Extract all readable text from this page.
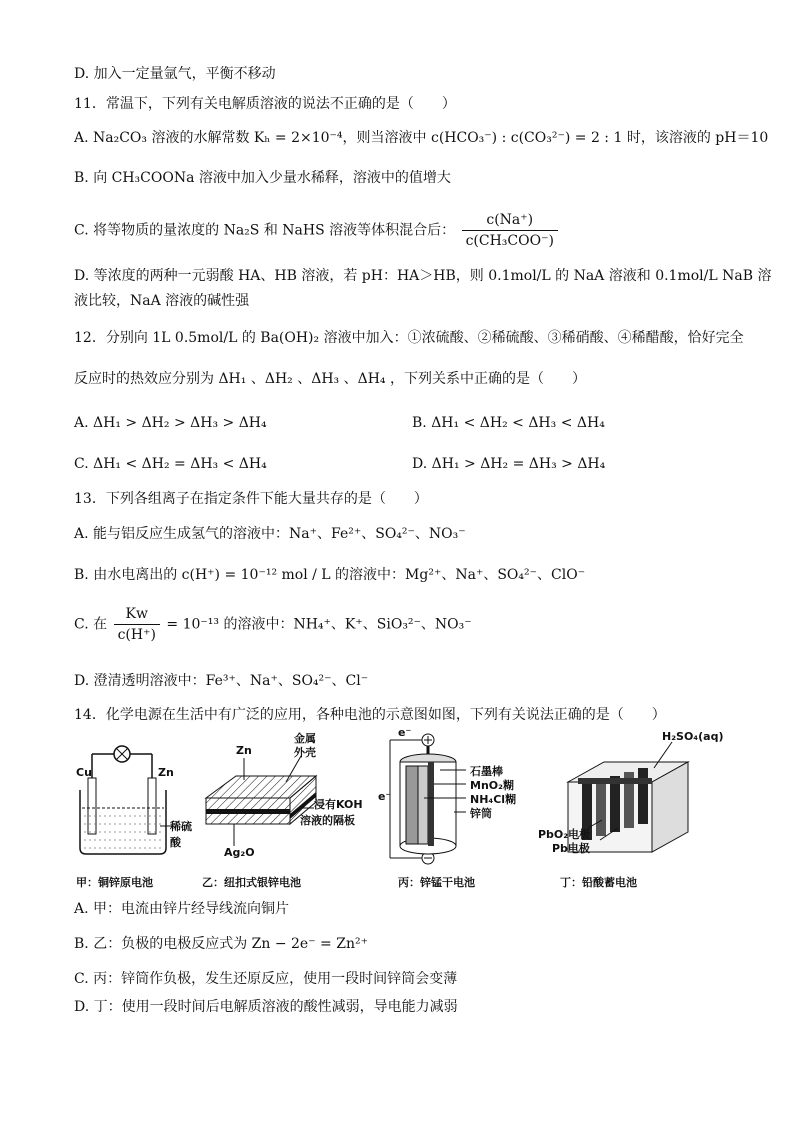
D. 加入一定量氩气，平衡不移动
11．常温下，下列有关电解质溶液的说法不正确的是（　　）
A. Na₂CO₃ 溶液的水解常数 Kₕ = 2×10⁻⁴，则当溶液中 c(HCO₃⁻) : c(CO₃²⁻) = 2 : 1 时，该溶液的 pH＝10
B. 向 CH₃COONa 溶液中加入少量水稀释，溶液中的值增大
C. 将等物质的量浓度的 Na₂S 和 NaHS 溶液等体积混合后： $\frac{c(Na^+)}{\text{c(CH₃COO⁻)}}$
D. 等浓度的两种一元弱酸 HA、HB 溶液，若 pH：HA＞HB，则 0.1mol/L 的 NaA 溶液和 0.1mol/L NaB 溶
液比较，NaA 溶液的碱性强
12．分别向 1L 0.5mol/L 的 Ba(OH)₂ 溶液中加入：①浓硫酸、②稀硫酸、③稀硝酸、④稀醋酸，恰好完全
反应时的热效应分别为 ΔH₁ 、ΔH₂ 、ΔH₃ 、ΔH₄ ，下列关系中正确的是（　　）
A. ΔH₁ > ΔH₂ > ΔH₃ > ΔH₄	B. ΔH₁ < ΔH₂ < ΔH₃ < ΔH₄
C. ΔH₁ < ΔH₂ = ΔH₃ < ΔH₄	D. ΔH₁ > ΔH₂ = ΔH₃ > ΔH₄
13．下列各组离子在指定条件下能大量共存的是（　　）
A. 能与铝反应生成氢气的溶液中：Na⁺、Fe²⁺、SO₄²⁻、NO₃⁻
B. 由水电离出的 c(H⁺) = 10⁻¹² mol / L 的溶液中：Mg²⁺、Na⁺、SO₄²⁻、ClO⁻
C. 在 $\frac{Kw}{c(H^+)} = 10^{-13}$ 的溶液中：NH₄⁺、K⁺、SiO₃²⁻、NO₃⁻
D. 澄清透明溶液中：Fe³⁺、Na⁺、SO₄²⁻、Cl⁻
14．化学电源在生活中有广泛的应用，各种电池的示意图如图，下列有关说法正确的是（　　）
Cu	Zn
稀硫酸
甲：铜锌原电池
Zn
金属
外壳
浸有KOH
溶液的隔板
Ag₂O
乙：纽扣式银锌电池
e⁻
e⁻
石墨棒
MnO₂糊
NH₄Cl糊
锌筒
丙：锌锰干电池
H₂SO₄(aq)
PbO₂电极
Pb电极
丁：铅酸蓄电池
A. 甲：电流由锌片经导线流向铜片
B. 乙：负极的电极反应式为 Zn − 2e⁻ = Zn²⁺
C. 丙：锌筒作负极，发生还原反应，使用一段时间锌筒会变薄
D. 丁：使用一段时间后电解质溶液的酸性减弱，导电能力减弱
